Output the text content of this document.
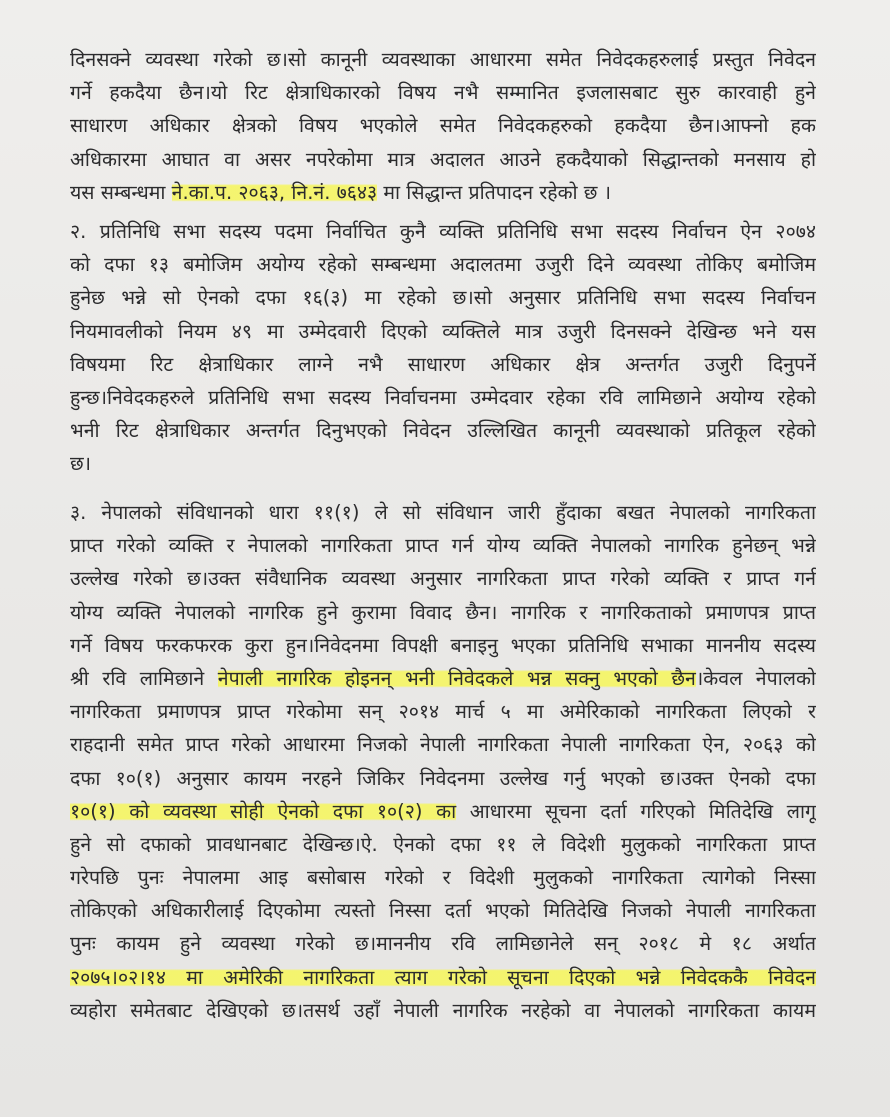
दिनसक्ने व्यवस्था गरेको छ।सो कानूनी व्यवस्थाका आधारमा समेत निवेदकहरुलाई प्रस्तुत निवेदन
गर्ने हकदैया छैन।यो रिट क्षेत्राधिकारको विषय नभै सम्मानित इजलासबाट सुरु कारवाही हुने
साधारण अधिकार क्षेत्रको विषय भएकोले समेत निवेदकहरुको हकदैया छैन।आफ्नो हक
अधिकारमा आघात वा असर नपरेकोमा मात्र अदालत आउने हकदैयाको सिद्धान्तको मनसाय हो
यस सम्बन्धमा ने.का.प. २०६३, नि.नं. ७६४३ मा सिद्धान्त प्रतिपादन रहेको छ ।
२. प्रतिनिधि सभा सदस्य पदमा निर्वाचित कुनै व्यक्ति प्रतिनिधि सभा सदस्य निर्वाचन ऐन २०७४
को दफा १३ बमोजिम अयोग्य रहेको सम्बन्धमा अदालतमा उजुरी दिने व्यवस्था तोकिए बमोजिम
हुनेछ भन्ने सो ऐनको दफा १६(३) मा रहेको छ।सो अनुसार प्रतिनिधि सभा सदस्य निर्वाचन
नियमावलीको नियम ४९ मा उम्मेदवारी दिएको व्यक्तिले मात्र उजुरी दिनसक्ने देखिन्छ भने यस
विषयमा रिट क्षेत्राधिकार लाग्ने नभै साधारण अधिकार क्षेत्र अन्तर्गत उजुरी दिनुपर्ने
हुन्छ।निवेदकहरुले प्रतिनिधि सभा सदस्य निर्वाचनमा उम्मेदवार रहेका रवि लामिछाने अयोग्य रहेको
भनी रिट क्षेत्राधिकार अन्तर्गत दिनुभएको निवेदन उल्लिखित कानूनी व्यवस्थाको प्रतिकूल रहेको
छ।
३. नेपालको संविधानको धारा ११(१) ले सो संविधान जारी हुँदाका बखत नेपालको नागरिकता
प्राप्त गरेको व्यक्ति र नेपालको नागरिकता प्राप्त गर्न योग्य व्यक्ति नेपालको नागरिक हुनेछन् भन्ने
उल्लेख गरेको छ।उक्त संवैधानिक व्यवस्था अनुसार नागरिकता प्राप्त गरेको व्यक्ति र प्राप्त गर्न
योग्य व्यक्ति नेपालको नागरिक हुने कुरामा विवाद छैन। नागरिक र नागरिकताको प्रमाणपत्र प्राप्त
गर्ने विषय फरकफरक कुरा हुन।निवेदनमा विपक्षी बनाइनु भएका प्रतिनिधि सभाका माननीय सदस्य
श्री रवि लामिछाने नेपाली नागरिक होइनन् भनी निवेदकले भन्न सक्नु भएको छैन।केवल नेपालको
नागरिकता प्रमाणपत्र प्राप्त गरेकोमा सन् २०१४ मार्च ५ मा अमेरिकाको नागरिकता लिएको र
राहदानी समेत प्राप्त गरेको आधारमा निजको नेपाली नागरिकता नेपाली नागरिकता ऐन, २०६३ को
दफा १०(१) अनुसार कायम नरहने जिकिर निवेदनमा उल्लेख गर्नु भएको छ।उक्त ऐनको दफा
१०(१) को व्यवस्था सोही ऐनको दफा १०(२) का आधारमा सूचना दर्ता गरिएको मितिदेखि लागू
हुने सो दफाको प्रावधानबाट देखिन्छ।ऐ. ऐनको दफा ११ ले विदेशी मुलुकको नागरिकता प्राप्त
गरेपछि पुनः नेपालमा आइ बसोबास गरेको र विदेशी मुलुकको नागरिकता त्यागेको निस्सा
तोकिएको अधिकारीलाई दिएकोमा त्यस्तो निस्सा दर्ता भएको मितिदेखि निजको नेपाली नागरिकता
पुनः कायम हुने व्यवस्था गरेको छ।माननीय रवि लामिछानेले सन् २०१८ मे १८ अर्थात
२०७५।०२।१४ मा अमेरिकी नागरिकता त्याग गरेको सूचना दिएको भन्ने निवेदककै निवेदन
व्यहोरा समेतबाट देखिएको छ।तसर्थ उहाँ नेपाली नागरिक नरहेको वा नेपालको नागरिकता कायम
